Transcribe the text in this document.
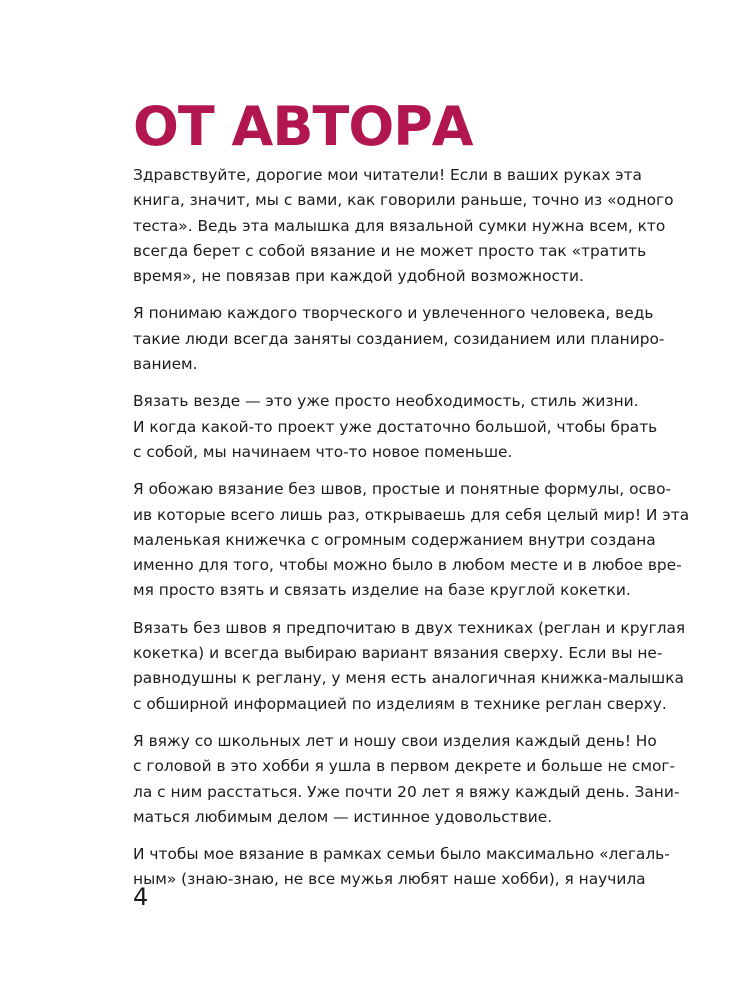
ОТ АВТОРА

Здравствуйте, дорогие мои читатели! Если в ваших руках эта
книга, значит, мы с вами, как говорили раньше, точно из «одного
теста». Ведь эта малышка для вязальной сумки нужна всем, кто
всегда берет с собой вязание и не может просто так «тратить
время», не повязав при каждой удобной возможности.

Я понимаю каждого творческого и увлеченного человека, ведь
такие люди всегда заняты созданием, созиданием или планиро-
ванием.

Вязать везде — это уже просто необходимость, стиль жизни.
И когда какой-то проект уже достаточно большой, чтобы брать
с собой, мы начинаем что-то новое поменьше.

Я обожаю вязание без швов, простые и понятные формулы, осво-
ив которые всего лишь раз, открываешь для себя целый мир! И эта
маленькая книжечка с огромным содержанием внутри создана
именно для того, чтобы можно было в любом месте и в любое вре-
мя просто взять и связать изделие на базе круглой кокетки.

Вязать без швов я предпочитаю в двух техниках (реглан и круглая
кокетка) и всегда выбираю вариант вязания сверху. Если вы не-
равнодушны к реглану, у меня есть аналогичная книжка-малышка
с обширной информацией по изделиям в технике реглан сверху.

Я вяжу со школьных лет и ношу свои изделия каждый день! Но
с головой в это хобби я ушла в первом декрете и больше не смог-
ла с ним расстаться. Уже почти 20 лет я вяжу каждый день. Зани-
маться любимым делом — истинное удовольствие.

И чтобы мое вязание в рамках семьи было максимально «легаль-
ным» (знаю-знаю, не все мужья любят наше хобби), я научила

4
